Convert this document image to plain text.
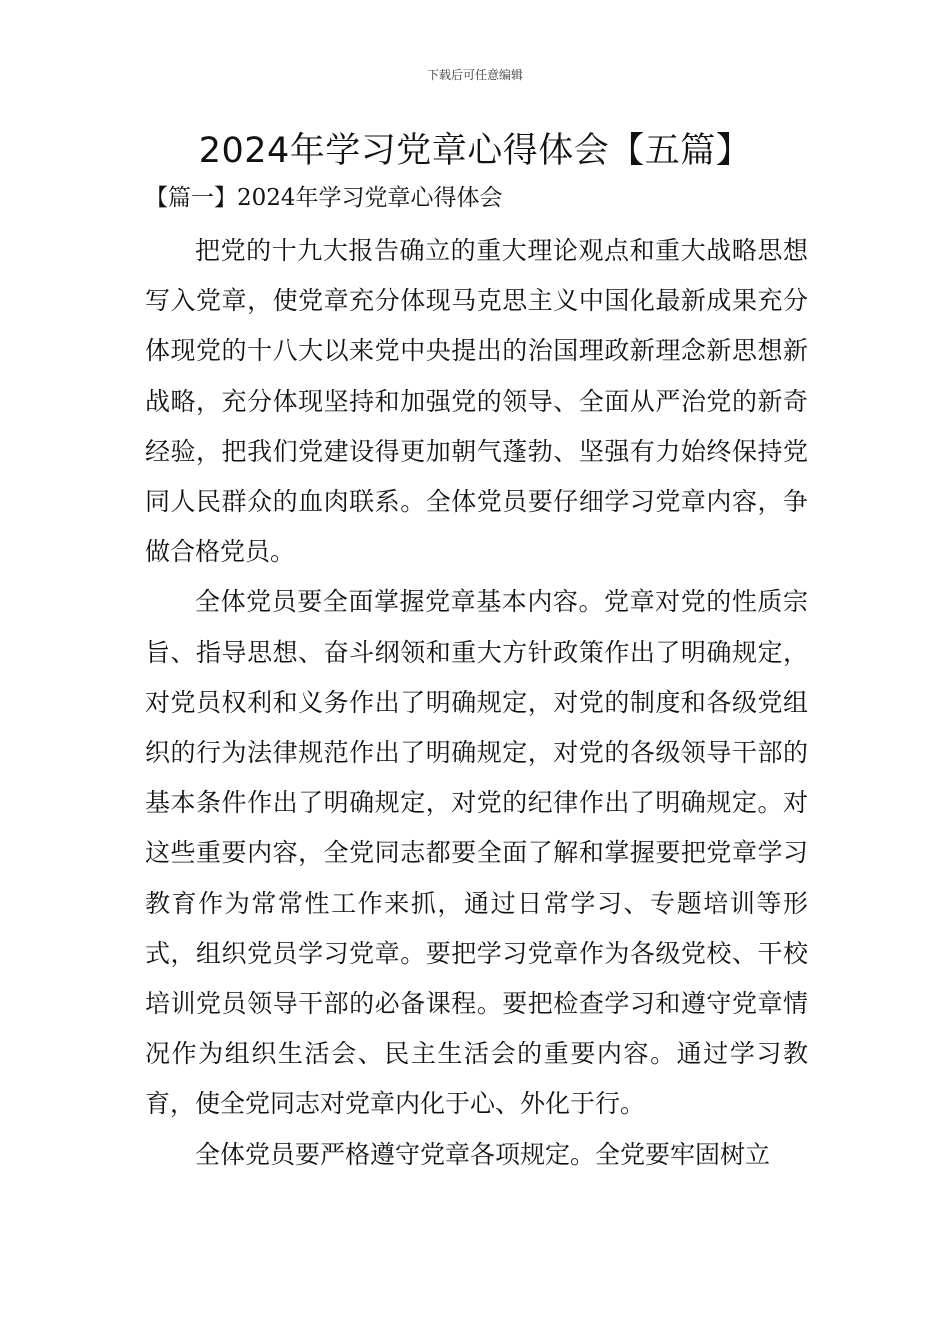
下载后可任意编辑
2024年学习党章心得体会【五篇】
【篇一】2024年学习党章心得体会

把党的十九大报告确立的重大理论观点和重大战略思想写入党章，使党章充分体现马克思主义中国化最新成果充分体现党的十八大以来党中央提出的治国理政新理念新思想新战略，充分体现坚持和加强党的领导、全面从严治党的新奇经验，把我们党建设得更加朝气蓬勃、坚强有力始终保持党同人民群众的血肉联系。全体党员要仔细学习党章内容，争做合格党员。

全体党员要全面掌握党章基本内容。党章对党的性质宗旨、指导思想、奋斗纲领和重大方针政策作出了明确规定，对党员权利和义务作出了明确规定，对党的制度和各级党组织的行为法律规范作出了明确规定，对党的各级领导干部的基本条件作出了明确规定，对党的纪律作出了明确规定。对这些重要内容，全党同志都要全面了解和掌握要把党章学习教育作为常常性工作来抓，通过日常学习、专题培训等形式，组织党员学习党章。要把学习党章作为各级党校、干校培训党员领导干部的必备课程。要把检查学习和遵守党章情况作为组织生活会、民主生活会的重要内容。通过学习教育，使全党同志对党章内化于心、外化于行。

全体党员要严格遵守党章各项规定。全党要牢固树立
